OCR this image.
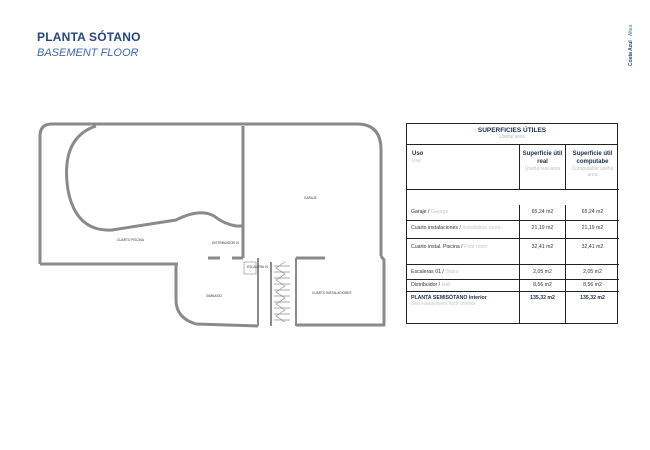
PLANTA SÓTANO
BASEMENT FLOOR	Costa Azul · Altea
CUARTO PISCINA
GARAJE
DISTRIBUIDOR 01
ESCALERA 01
GIMNASIO
CUARTO INSTALACIONES
SUPERFICIES ÚTILES
Useful area
Uso
Use
Superficie útil real
Useful real area
Superficie útil computabe
Computable useful area
Garaje / Garage	65,24 m2	65,24 m2
Cuarto instalaciones / Installation room	21,19 m2	21,19 m2
Cuarto instal. Piscina / Pool room	32,41 m2	32,41 m2
Escaleras 01 / Stairs	2,05 m2	2,05 m2
Distribuidor / Hall	8,56 m2	8,56 m2
PLANTA SEMISÓTANO Interior
Semi-basement floor interior
135,32 m2	135,32 m2
